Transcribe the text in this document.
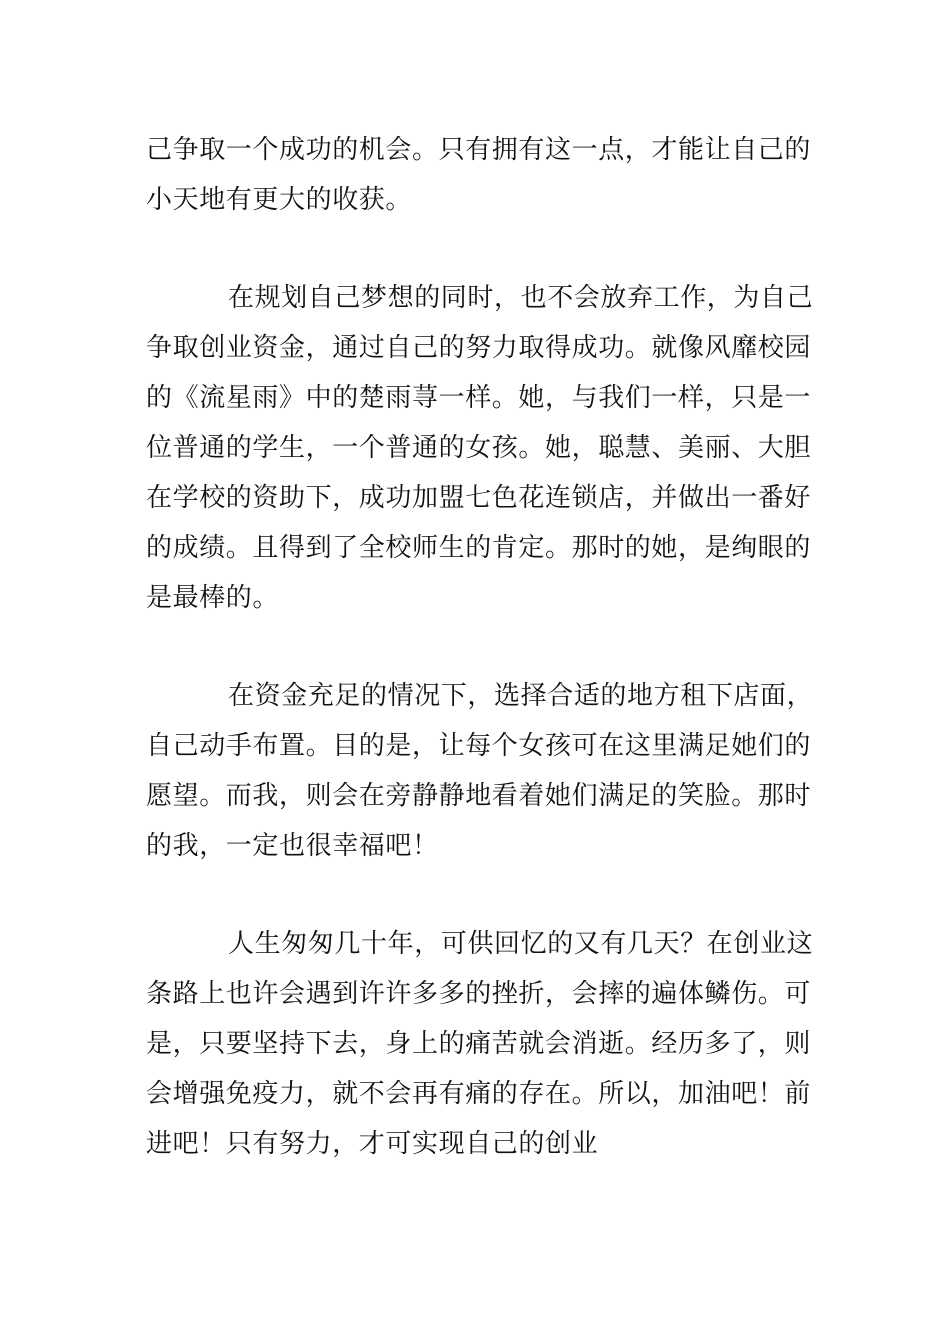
己争取一个成功的机会。只有拥有这一点，才能让自己的
小天地有更大的收获。
在规划自己梦想的同时，也不会放弃工作，为自己
争取创业资金，通过自己的努力取得成功。就像风靡校园
的《流星雨》中的楚雨荨一样。她，与我们一样，只是一
位普通的学生，一个普通的女孩。她，聪慧、美丽、大胆
在学校的资助下，成功加盟七色花连锁店，并做出一番好
的成绩。且得到了全校师生的肯定。那时的她，是绚眼的
是最棒的。
在资金充足的情况下，选择合适的地方租下店面，
自己动手布置。目的是，让每个女孩可在这里满足她们的
愿望。而我，则会在旁静静地看着她们满足的笑脸。那时
的我，一定也很幸福吧！
人生匆匆几十年，可供回忆的又有几天？在创业这
条路上也许会遇到许许多多的挫折，会摔的遍体鳞伤。可
是，只要坚持下去，身上的痛苦就会消逝。经历多了，则
会增强免疫力，就不会再有痛的存在。所以，加油吧！前
进吧！只有努力，才可实现自己的创业
